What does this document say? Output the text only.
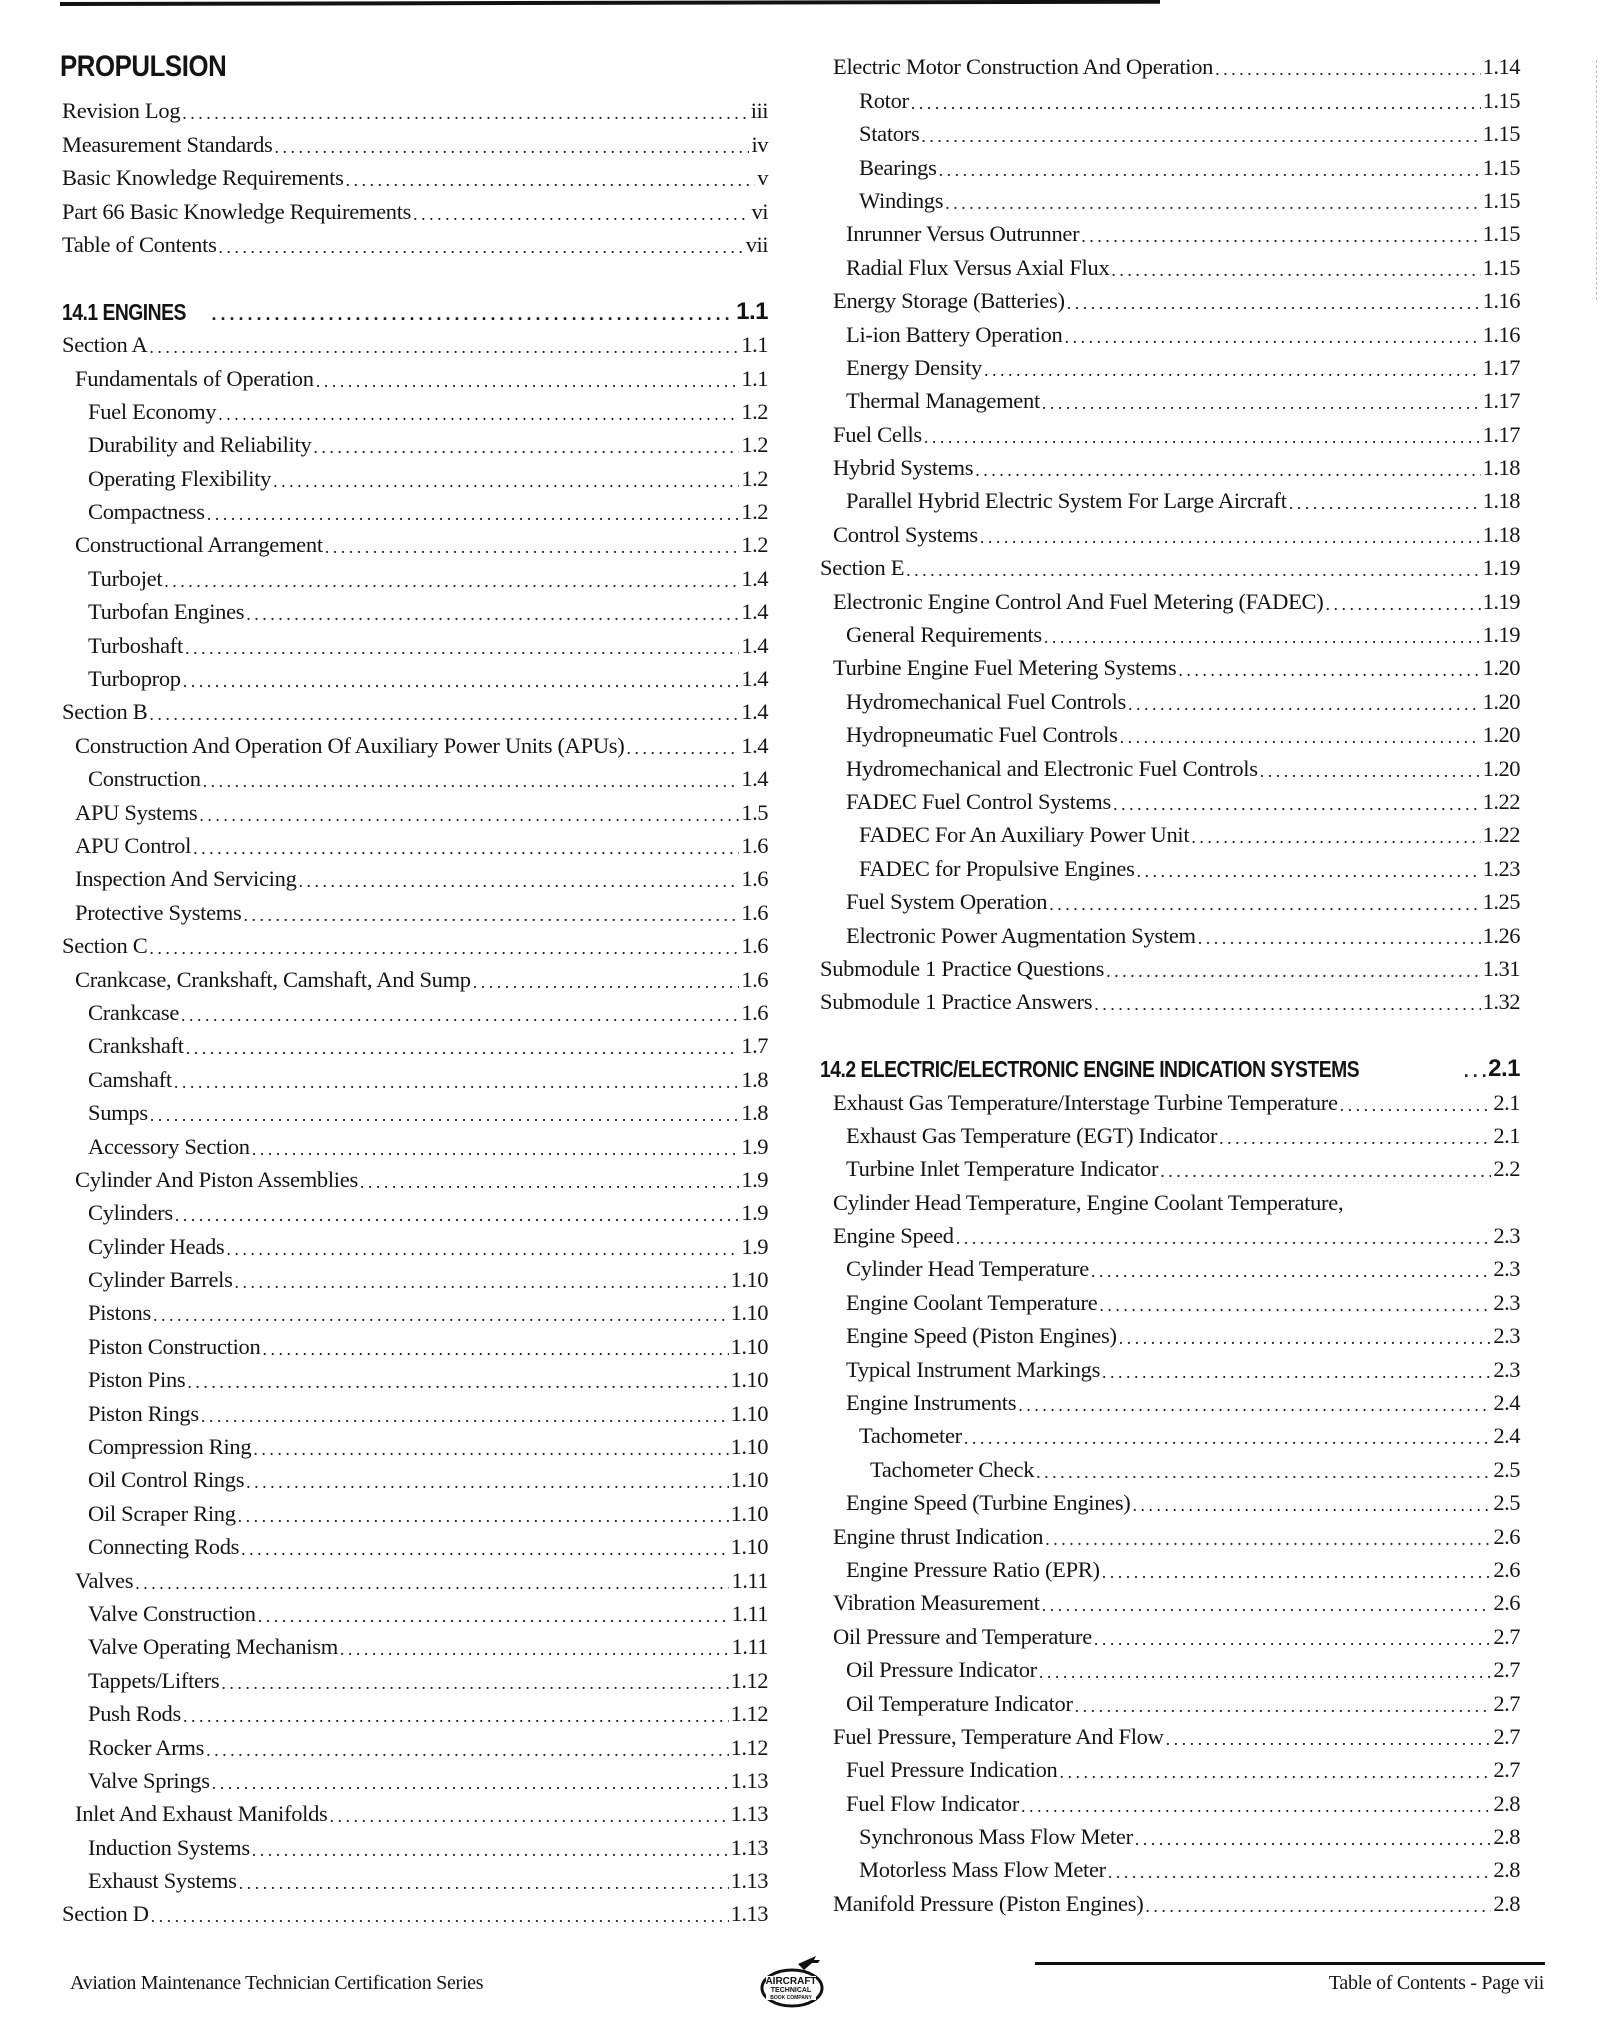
PROPULSION
Revision Log . . .	iii
Measurement Standards . . .	iv
Basic Knowledge Requirements . . .	v
Part 66 Basic Knowledge Requirements . . .	vi
Table of Contents . . .	vii
14.1 ENGINES . . .	1.1
Section A . . .	1.1
Fundamentals of Operation . . .	1.1
Fuel Economy . . .	1.2
Durability and Reliability . . .	1.2
Operating Flexibility . . .	1.2
Compactness . . .	1.2
Constructional Arrangement . . .	1.2
Turbojet . . .	1.4
Turbofan Engines . . .	1.4
Turboshaft . . .	1.4
Turboprop . . .	1.4
Section B . . .	1.4
Construction And Operation Of Auxiliary Power Units (APUs) . . .	1.4
Construction . . .	1.4
APU Systems . . .	1.5
APU Control . . .	1.6
Inspection And Servicing . . .	1.6
Protective Systems . . .	1.6
Section C . . .	1.6
Crankcase, Crankshaft, Camshaft, And Sump . . .	1.6
Crankcase . . .	1.6
Crankshaft . . .	1.7
Camshaft . . .	1.8
Sumps . . .	1.8
Accessory Section . . .	1.9
Cylinder And Piston Assemblies . . .	1.9
Cylinders . . .	1.9
Cylinder Heads . . .	1.9
Cylinder Barrels . . .	1.10
Pistons . . .	1.10
Piston Construction . . .	1.10
Piston Pins . . .	1.10
Piston Rings . . .	1.10
Compression Ring . . .	1.10
Oil Control Rings . . .	1.10
Oil Scraper Ring . . .	1.10
Connecting Rods . . .	1.10
Valves . . .	1.11
Valve Construction . . .	1.11
Valve Operating Mechanism . . .	1.11
Tappets/Lifters . . .	1.12
Push Rods . . .	1.12
Rocker Arms . . .	1.12
Valve Springs . . .	1.13
Inlet And Exhaust Manifolds . . .	1.13
Induction Systems . . .	1.13
Exhaust Systems . . .	1.13
Section D . . .	1.13
Electric Motor Construction And Operation . . .	1.14
Rotor . . .	1.15
Stators . . .	1.15
Bearings . . .	1.15
Windings . . .	1.15
Inrunner Versus Outrunner . . .	1.15
Radial Flux Versus Axial Flux . . .	1.15
Energy Storage (Batteries) . . .	1.16
Li-ion Battery Operation . . .	1.16
Energy Density . . .	1.17
Thermal Management . . .	1.17
Fuel Cells . . .	1.17
Hybrid Systems . . .	1.18
Parallel Hybrid Electric System For Large Aircraft . . .	1.18
Control Systems . . .	1.18
Section E . . .	1.19
Electronic Engine Control And Fuel Metering (FADEC) . . .	1.19
General Requirements . . .	1.19
Turbine Engine Fuel Metering Systems . . .	1.20
Hydromechanical Fuel Controls . . .	1.20
Hydropneumatic Fuel Controls . . .	1.20
Hydromechanical and Electronic Fuel Controls . . .	1.20
FADEC Fuel Control Systems . . .	1.22
FADEC For An Auxiliary Power Unit . . .	1.22
FADEC for Propulsive Engines . . .	1.23
Fuel System Operation . . .	1.25
Electronic Power Augmentation System . . .	1.26
Submodule 1 Practice Questions . . .	1.31
Submodule 1 Practice Answers . . .	1.32
14.2 ELECTRIC/ELECTRONIC ENGINE INDICATION SYSTEMS . . .	2.1
Exhaust Gas Temperature/Interstage Turbine Temperature . . .	2.1
Exhaust Gas Temperature (EGT) Indicator . . .	2.1
Turbine Inlet Temperature Indicator . . .	2.2
Cylinder Head Temperature, Engine Coolant Temperature,
Engine Speed . . .	2.3
Cylinder Head Temperature . . .	2.3
Engine Coolant Temperature . . .	2.3
Engine Speed (Piston Engines) . . .	2.3
Typical Instrument Markings . . .	2.3
Engine Instruments . . .	2.4
Tachometer . . .	2.4
Tachometer Check . . .	2.5
Engine Speed (Turbine Engines) . . .	2.5
Engine thrust Indication . . .	2.6
Engine Pressure Ratio (EPR) . . .	2.6
Vibration Measurement . . .	2.6
Oil Pressure and Temperature . . .	2.7
Oil Pressure Indicator . . .	2.7
Oil Temperature Indicator . . .	2.7
Fuel Pressure, Temperature And Flow . . .	2.7
Fuel Pressure Indication . . .	2.7
Fuel Flow Indicator . . .	2.8
Synchronous Mass Flow Meter . . .	2.8
Motorless Mass Flow Meter . . .	2.8
Manifold Pressure (Piston Engines) . . .	2.8
Aviation Maintenance Technician Certification Series	AIRCRAFT
TECHNICAL
BOOK COMPANY
Table of Contents - Page vii
